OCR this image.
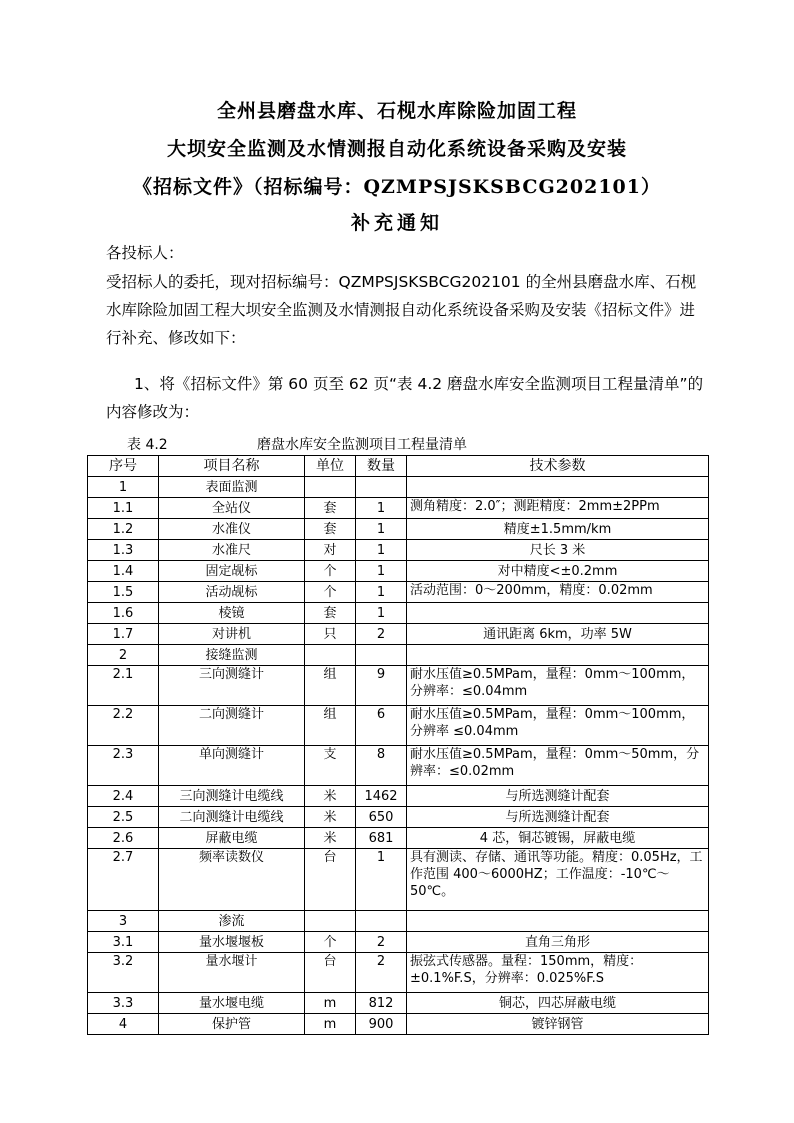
全州县磨盘水库、石枧水库除险加固工程
大坝安全监测及水情测报自动化系统设备采购及安装
《招标文件》（招标编号：QZMPSJSKSBCG202101）
补充通知
各投标人：
受招标人的委托，现对招标编号：QZMPSJSKSBCG202101 的全州县磨盘水库、石枧水库除险加固工程大坝安全监测及水情测报自动化系统设备采购及安装《招标文件》进行补充、修改如下：
1、将《招标文件》第 60 页至 62 页“表 4.2 磨盘水库安全监测项目工程量清单”的内容修改为：
表 4.2	磨盘水库安全监测项目工程量清单
序号	项目名称	单位	数量	技术参数
1	表面监测			
1.1	全站仪	套	1	测角精度：2.0″；测距精度：2mm±2PPm
1.2	水准仪	套	1	精度±1.5mm/km
1.3	水准尺	对	1	尺长 3 米
1.4	固定觇标	个	1	对中精度<±0.2mm
1.5	活动觇标	个	1	活动范围：0～200mm，精度：0.02mm
1.6	棱镜	套	1	
1.7	对讲机	只	2	通讯距离 6km，功率 5W
2	接缝监测			
2.1	三向测缝计	组	9	耐水压值≥0.5MPam，量程：0mm～100mm，分辨率：≤0.04mm
2.2	二向测缝计	组	6	耐水压值≥0.5MPam，量程：0mm～100mm，分辨率 ≤0.04mm
2.3	单向测缝计	支	8	耐水压值≥0.5MPam，量程：0mm～50mm，分辨率：≤0.02mm
2.4	三向测缝计电缆线	米	1462	与所选测缝计配套
2.5	二向测缝计电缆线	米	650	与所选测缝计配套
2.6	屏蔽电缆	米	681	4 芯，铜芯镀锡，屏蔽电缆
2.7	频率读数仪	台	1	具有测读、存储、通讯等功能。精度：0.05Hz，工作范围 400～6000HZ；工作温度：-10℃～50℃。
3	渗流			
3.1	量水堰堰板	个	2	直角三角形
3.2	量水堰计	台	2	振弦式传感器。量程：150mm，精度：±0.1%F.S，分辨率：0.025%F.S
3.3	量水堰电缆	m	812	铜芯，四芯屏蔽电缆
4	保护管	m	900	镀锌钢管
